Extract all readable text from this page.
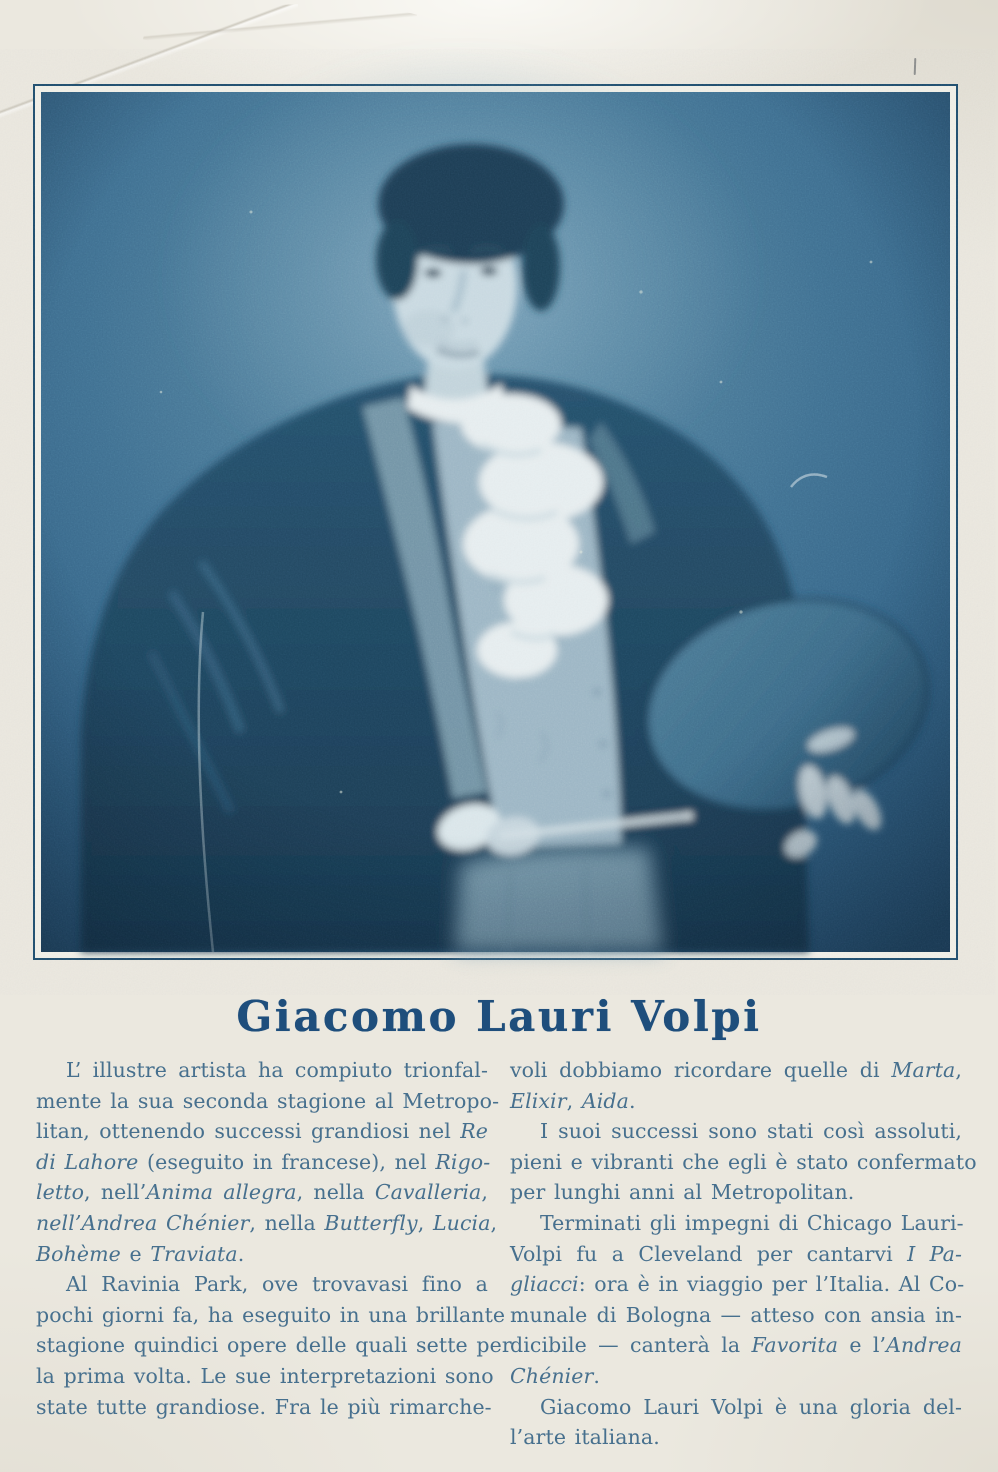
Giacomo Lauri Volpi
L’ illustre artista ha compiuto trionfal-
mente la sua seconda stagione al Metropo-
litan, ottenendo successi grandiosi nel Re
di Lahore (eseguito in francese), nel Rigo-
letto, nell’Anima allegra, nella Cavalleria,
nell’Andrea Chénier, nella Butterfly, Lucia,
Bohème e Traviata.
Al Ravinia Park, ove trovavasi fino a
pochi giorni fa, ha eseguito in una brillante
stagione quindici opere delle quali sette per
la prima volta. Le sue interpretazioni sono
state tutte grandiose. Fra le più rimarche-
voli dobbiamo ricordare quelle di Marta,
Elixir, Aida.
I suoi successi sono stati così assoluti,
pieni e vibranti che egli è stato confermato
per lunghi anni al Metropolitan.
Terminati gli impegni di Chicago Lauri-
Volpi fu a Cleveland per cantarvi I Pa-
gliacci: ora è in viaggio per l’Italia. Al Co-
munale di Bologna — atteso con ansia in-
dicibile — canterà la Favorita e l’Andrea
Chénier.
Giacomo Lauri Volpi è una gloria del-
l’arte italiana.
